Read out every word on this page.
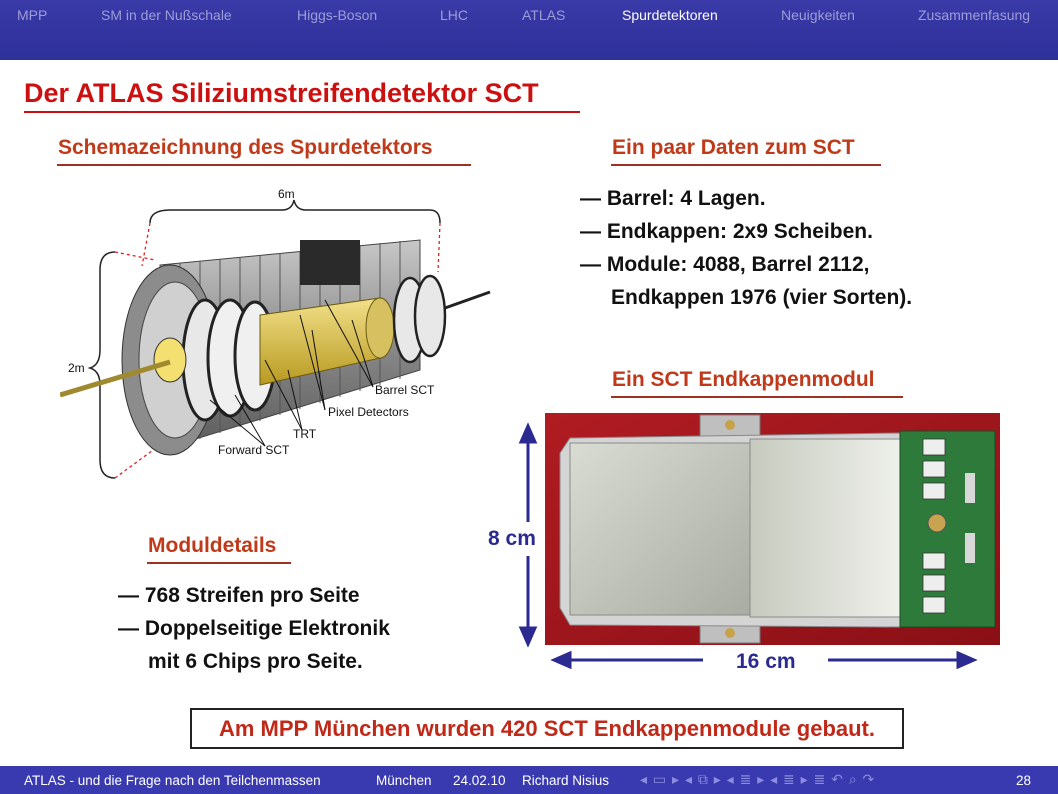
MPP	SM in der Nußschale	Higgs-Boson	LHC	ATLAS	Spurdetektoren	Neuigkeiten	Zusammenfasung
Der ATLAS Siliziumstreifendetektor SCT
Schemazeichnung des Spurdetektors	Ein paar Daten zum SCT
— Barrel: 4 Lagen.
— Endkappen: 2x9 Scheiben.
— Module: 4088, Barrel 2112,
Endkappen 1976 (vier Sorten).
6m
2m
Barrel SCT
Pixel Detectors
TRT
Forward SCT
Ein SCT Endkappenmodul
8 cm
16 cm
Moduldetails
— 768 Streifen pro Seite
— Doppelseitige Elektronik
mit 6 Chips pro Seite.
Am MPP München wurden 420 SCT Endkappenmodule gebaut.
ATLAS - und die Frage nach den Teilchenmassen	München 24.02.10 Richard Nisius ◂ ▭ ▸ ◂ ⧉ ▸ ◂ ≣ ▸ ◂ ≣ ▸ ≣ ↶ ⌕ ↷	28
